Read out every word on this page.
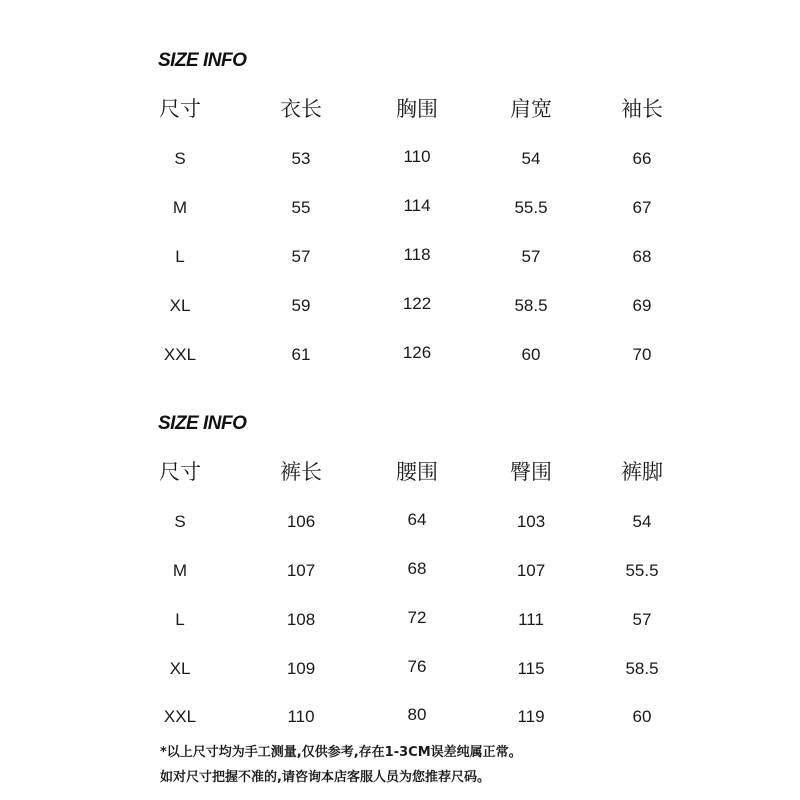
SIZE INFO
尺寸	衣长	胸围	肩宽	袖长
S	53	110	54	66
M	55	114	55.5	67
L	57	118	57	68
XL	59	122	58.5	69
XXL	61	126	60	70
SIZE INFO
尺寸	裤长	腰围	臀围	裤脚
S	106	64	103	54
M	107	68	107	55.5
L	108	72	111	57
XL	109	76	115	58.5
XXL	110	80	119	60

*以上尺寸均为手工测量,仅供参考,存在1-3CM误差纯属正常。

如对尺寸把握不准的,请咨询本店客服人员为您推荐尺码。
